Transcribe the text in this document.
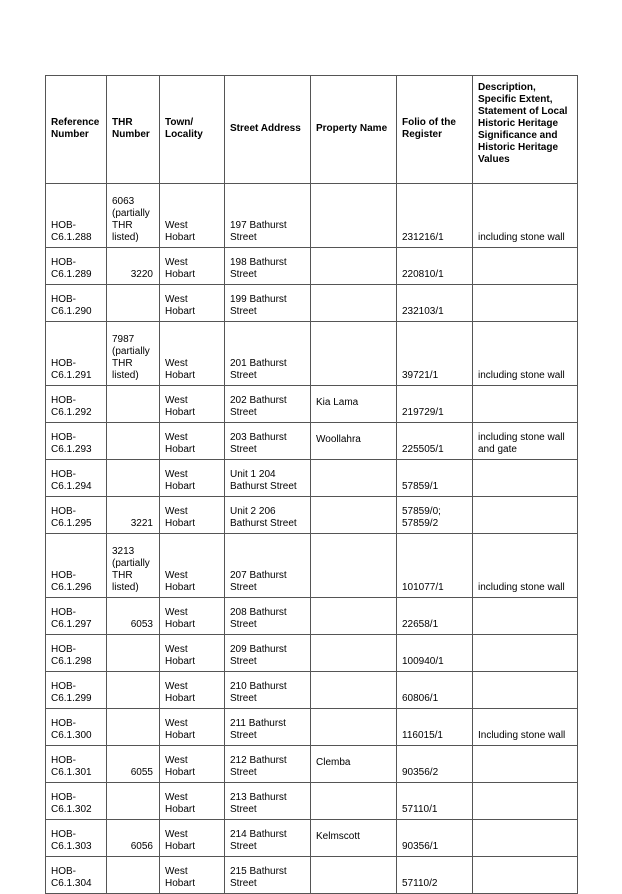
Reference Number	THR Number	Town/ Locality	Street Address	Property Name	Folio of the Register	Description, Specific Extent, Statement of Local Historic Heritage Significance and Historic Heritage Values
HOB-C6.1.288	6063 (partially THR listed)	West Hobart	197 Bathurst Street		231216/1	including stone wall
HOB-C6.1.289	3220	West Hobart	198 Bathurst Street		220810/1	
HOB-C6.1.290		West Hobart	199 Bathurst Street		232103/1	
HOB-C6.1.291	7987 (partially THR listed)	West Hobart	201 Bathurst Street		39721/1	including stone wall
HOB-C6.1.292		West Hobart	202 Bathurst Street	Kia Lama	219729/1	
HOB-C6.1.293		West Hobart	203 Bathurst Street	Woollahra	225505/1	including stone wall and gate
HOB-C6.1.294		West Hobart	Unit 1 204 Bathurst Street		57859/1	
HOB-C6.1.295	3221	West Hobart	Unit 2 206 Bathurst Street		57859/0; 57859/2	
HOB-C6.1.296	3213 (partially THR listed)	West Hobart	207 Bathurst Street		101077/1	including stone wall
HOB-C6.1.297	6053	West Hobart	208 Bathurst Street		22658/1	
HOB-C6.1.298		West Hobart	209 Bathurst Street		100940/1	
HOB-C6.1.299		West Hobart	210 Bathurst Street		60806/1	
HOB-C6.1.300		West Hobart	211 Bathurst Street		116015/1	Including stone wall
HOB-C6.1.301	6055	West Hobart	212 Bathurst Street	Clemba	90356/2	
HOB-C6.1.302		West Hobart	213 Bathurst Street		57110/1	
HOB-C6.1.303	6056	West Hobart	214 Bathurst Street	Kelmscott	90356/1	
HOB-C6.1.304		West Hobart	215 Bathurst Street		57110/2	
